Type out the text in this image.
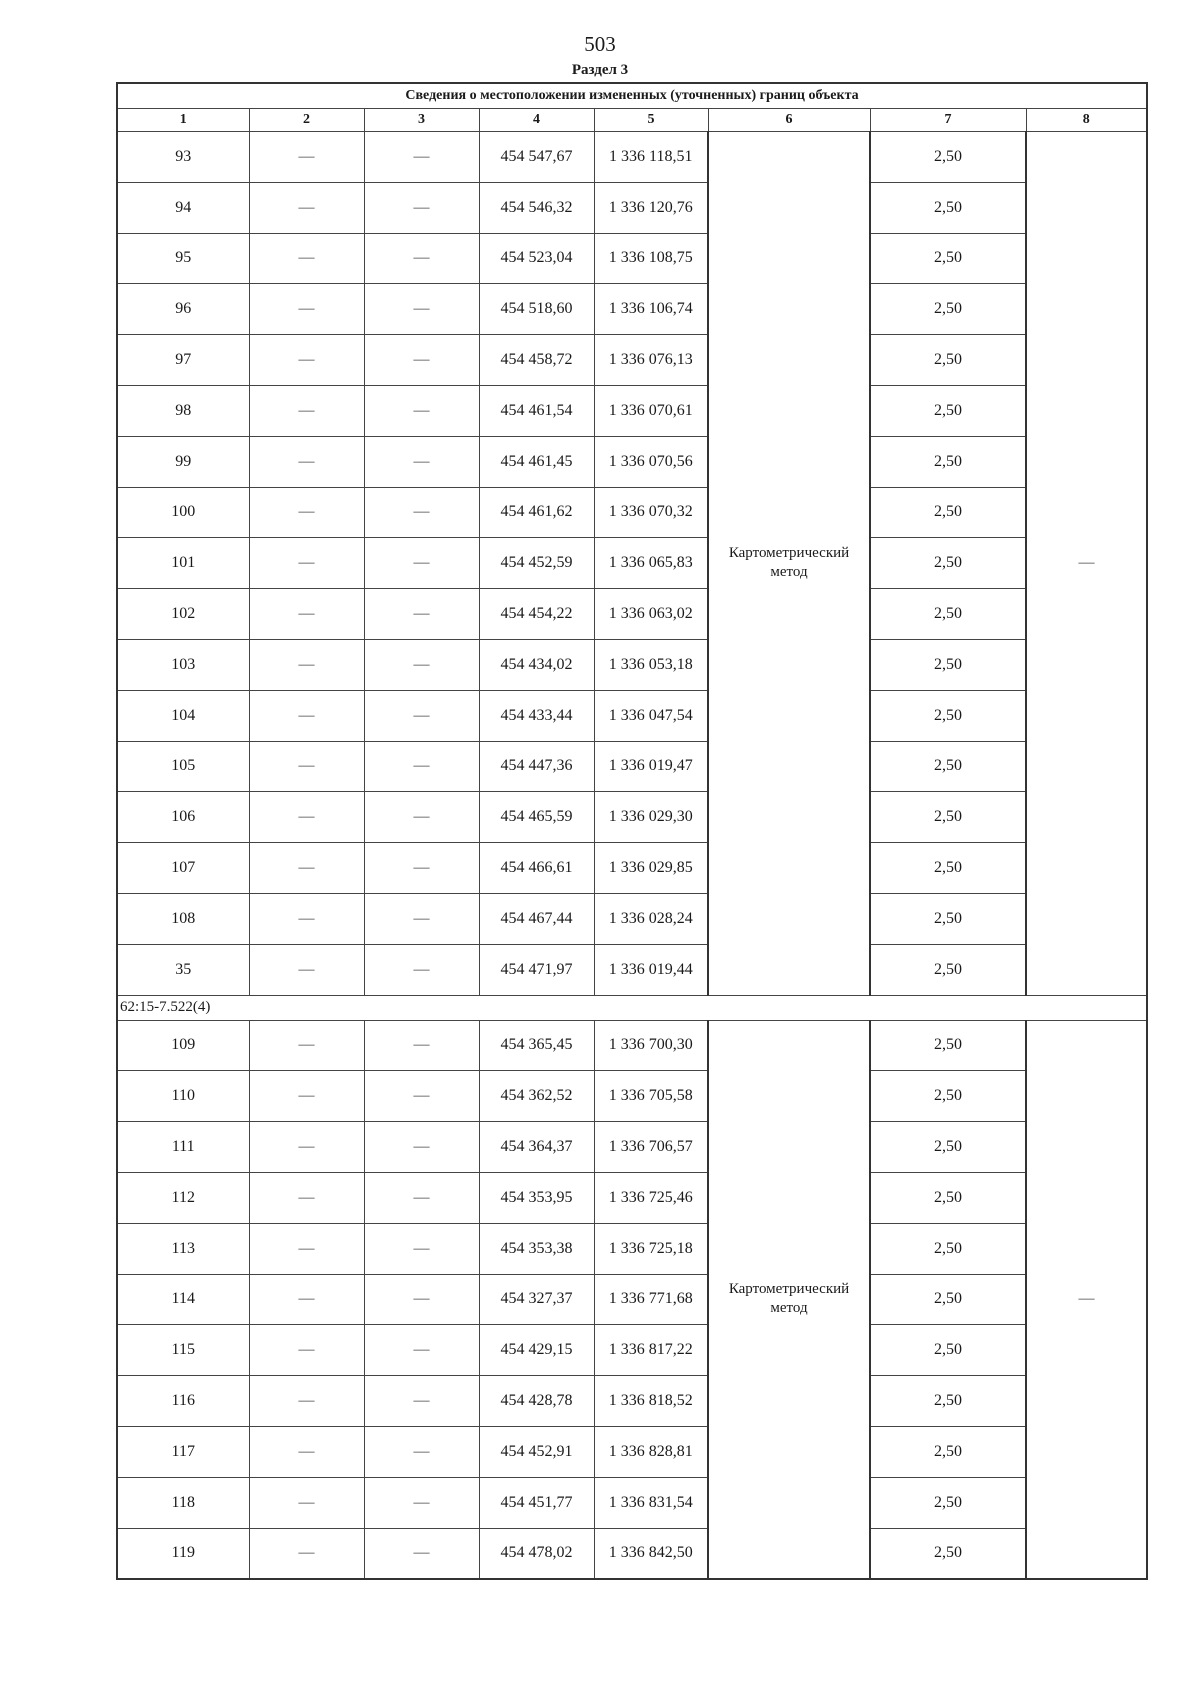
503
Раздел 3
Сведения о местоположении измененных (уточненных) границ объекта							
1	2	3	4	5	6	7	8
93	—	—	454 547,67	1 336 118,51	Картометрический метод	2,50	—
94	—	—	454 546,32	1 336 120,76		2,50	
95	—	—	454 523,04	1 336 108,75		2,50	
96	—	—	454 518,60	1 336 106,74		2,50	
97	—	—	454 458,72	1 336 076,13		2,50	
98	—	—	454 461,54	1 336 070,61		2,50	
99	—	—	454 461,45	1 336 070,56		2,50	
100	—	—	454 461,62	1 336 070,32		2,50	
101	—	—	454 452,59	1 336 065,83		2,50	
102	—	—	454 454,22	1 336 063,02		2,50	
103	—	—	454 434,02	1 336 053,18		2,50	
104	—	—	454 433,44	1 336 047,54		2,50	
105	—	—	454 447,36	1 336 019,47		2,50	
106	—	—	454 465,59	1 336 029,30		2,50	
107	—	—	454 466,61	1 336 029,85		2,50	
108	—	—	454 467,44	1 336 028,24		2,50	
35	—	—	454 471,97	1 336 019,44		2,50	
62:15-7.522(4)							
109	—	—	454 365,45	1 336 700,30	Картометрический метод	2,50	—
110	—	—	454 362,52	1 336 705,58		2,50	
111	—	—	454 364,37	1 336 706,57		2,50	
112	—	—	454 353,95	1 336 725,46		2,50	
113	—	—	454 353,38	1 336 725,18		2,50	
114	—	—	454 327,37	1 336 771,68		2,50	
115	—	—	454 429,15	1 336 817,22		2,50	
116	—	—	454 428,78	1 336 818,52		2,50	
117	—	—	454 452,91	1 336 828,81		2,50	
118	—	—	454 451,77	1 336 831,54		2,50	
119	—	—	454 478,02	1 336 842,50		2,50	
